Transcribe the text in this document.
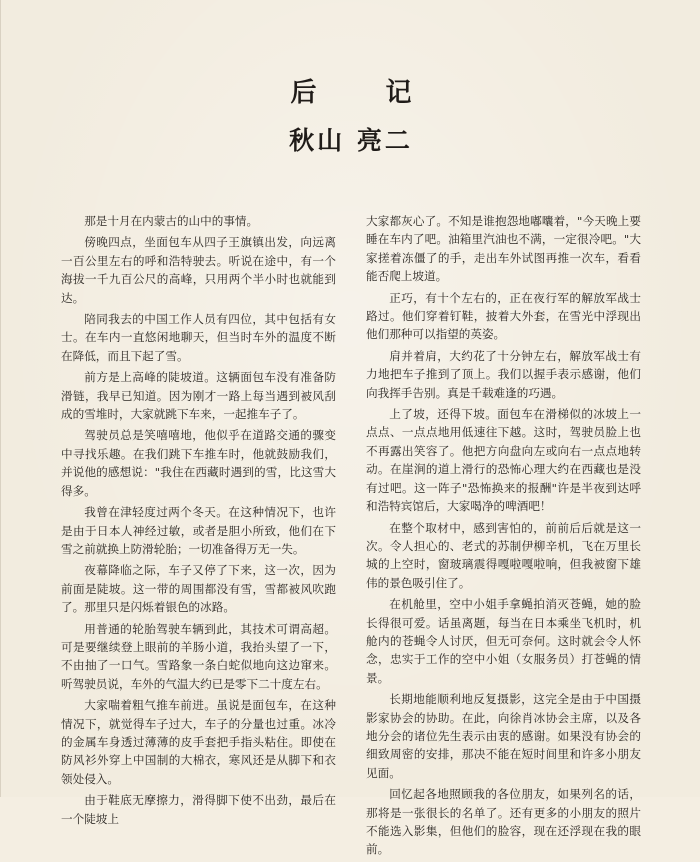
后 记
秋山 亮二

那是十月在内蒙古的山中的事情。

傍晚四点，坐面包车从四子王旗镇出发，向远离一百公里左右的呼和浩特驶去。听说在途中，有一个海拔一千九百公尺的高峰，只用两个半小时也就能到达。

陪同我去的中国工作人员有四位，其中包括有女士。在车内一直悠闲地聊天，但当时车外的温度不断在降低，而且下起了雪。

前方是上高峰的陡坡道。这辆面包车没有准备防滑链，我早已知道。因为刚才一路上每当遇到被风刮成的雪堆时，大家就跳下车来，一起推车子了。

驾驶员总是笑嘻嘻地，他似乎在道路交通的骤变中寻找乐趣。在我们跳下车推车时，他就鼓励我们，并说他的感想说："我住在西藏时遇到的雪，比这雪大得多。

我曾在津轻度过两个冬天。在这种情况下，也许是由于日本人神经过敏，或者是胆小所致，他们在下雪之前就换上防滑轮胎；一切准备得万无一失。

夜幕降临之际，车子又停了下来，这一次，因为前面是陡坡。这一带的周围都没有雪，雪都被风吹跑了。那里只是闪烁着银色的冰路。

用普通的轮胎驾驶车辆到此，其技术可谓高超。可是要继续登上眼前的羊肠小道，我抬头望了一下，不由抽了一口气。雪路象一条白蛇似地向这边窜来。听驾驶员说，车外的气温大约已是零下二十度左右。

大家喘着粗气推车前进。虽说是面包车，在这种情况下，就觉得车子过大，车子的分量也过重。冰冷的金属车身透过薄薄的皮手套把手指头粘住。即使在防风衫外穿上中国制的大棉衣，寒风还是从脚下和衣领处侵入。

由于鞋底无摩擦力，滑得脚下使不出劲，最后在一个陡坡上

大家都灰心了。不知是谁抱怨地嘟囔着，"今天晚上要睡在车内了吧。油箱里汽油也不满，一定很冷吧。"大家搓着冻僵了的手，走出车外试图再推一次车，看看能否爬上坡道。

正巧，有十个左右的，正在夜行军的解放军战士路过。他们穿着钉鞋，披着大外套，在雪光中浮现出他们那种可以指望的英姿。

肩并着肩，大约花了十分钟左右，解放军战士有力地把车子推到了顶上。我们以握手表示感谢，他们向我挥手告别。真是千载难逢的巧遇。

上了坡，还得下坡。面包车在滑梯似的冰坡上一点点、一点点地用低速往下越。这时，驾驶员脸上也不再露出笑容了。他把方向盘向左或向右一点点地转动。在崖涧的道上滑行的恐怖心理大约在西藏也是没有过吧。这一阵子"恐怖换来的报酬"许是半夜到达呼和浩特宾馆后，大家喝净的啤酒吧！

在整个取材中，感到害怕的，前前后后就是这一次。令人担心的、老式的苏制伊柳辛机，飞在万里长城的上空时，窗玻璃震得嘎啦嘎啦响，但我被窗下雄伟的景色吸引住了。

在机舱里，空中小姐手拿蝇拍消灭苍蝇，她的脸长得很可爱。话虽离题，每当在日本乘坐飞机时，机舱内的苍蝇令人讨厌，但无可奈何。这时就会令人怀念，忠实于工作的空中小姐（女服务员）打苍蝇的情景。

长期地能顺利地反复摄影，这完全是由于中国摄影家协会的协助。在此，向徐肖冰协会主席，以及各地分会的诸位先生表示由衷的感谢。如果没有协会的细致周密的安排，那决不能在短时间里和许多小朋友见面。

回忆起各地照顾我的各位朋友，如果列名的话，那将是一张很长的名单了。还有更多的小朋友的照片不能选入影集，但他们的脸容，现在还浮现在我的眼前。
